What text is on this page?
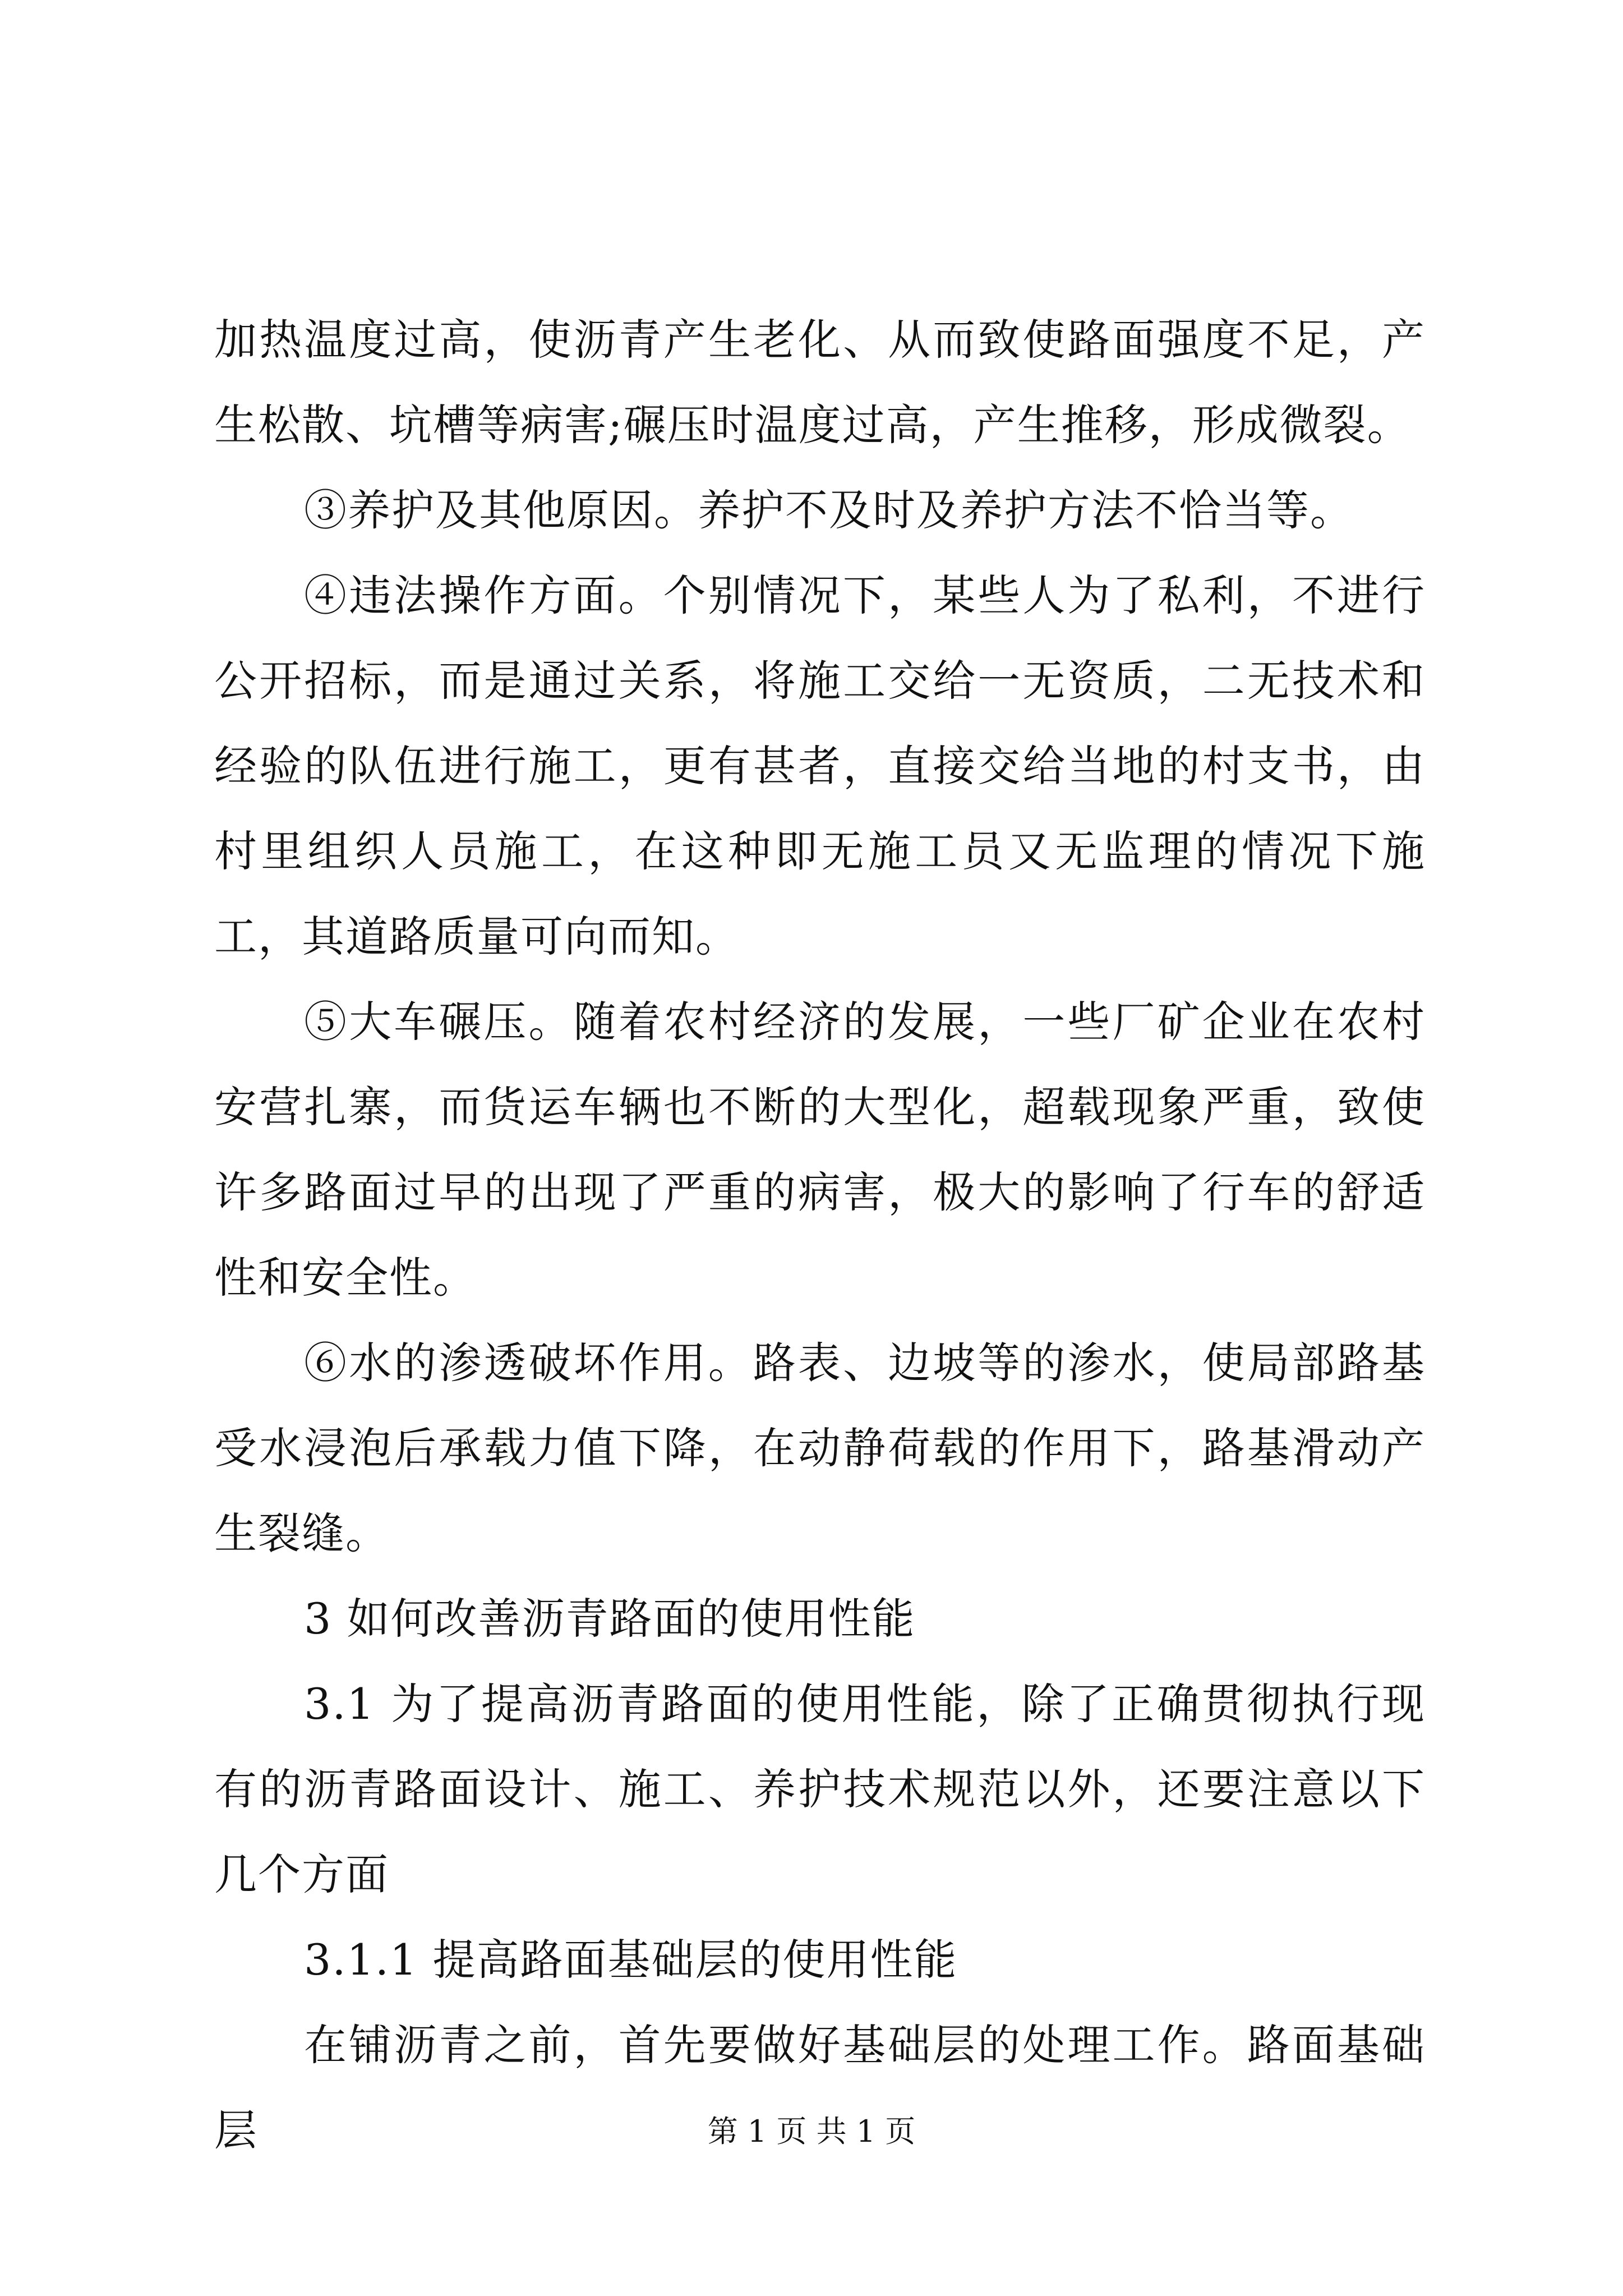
加热温度过高，使沥青产生老化、从而致使路面强度不足，产生松散、坑槽等病害;碾压时温度过高，产生推移，形成微裂。

③养护及其他原因。养护不及时及养护方法不恰当等。

④违法操作方面。个别情况下，某些人为了私利，不进行公开招标，而是通过关系，将施工交给一无资质，二无技术和经验的队伍进行施工，更有甚者，直接交给当地的村支书，由村里组织人员施工，在这种即无施工员又无监理的情况下施工，其道路质量可向而知。

⑤大车碾压。随着农村经济的发展，一些厂矿企业在农村安营扎寨，而货运车辆也不断的大型化，超载现象严重，致使许多路面过早的出现了严重的病害，极大的影响了行车的舒适性和安全性。

⑥水的渗透破坏作用。路表、边坡等的渗水，使局部路基受水浸泡后承载力值下降，在动静荷载的作用下，路基滑动产生裂缝。

3 如何改善沥青路面的使用性能

3.1 为了提高沥青路面的使用性能，除了正确贯彻执行现有的沥青路面设计、施工、养护技术规范以外，还要注意以下几个方面

3.1.1 提高路面基础层的使用性能

在铺沥青之前，首先要做好基础层的处理工作。路面基础层	第 1 页 共 1 页
